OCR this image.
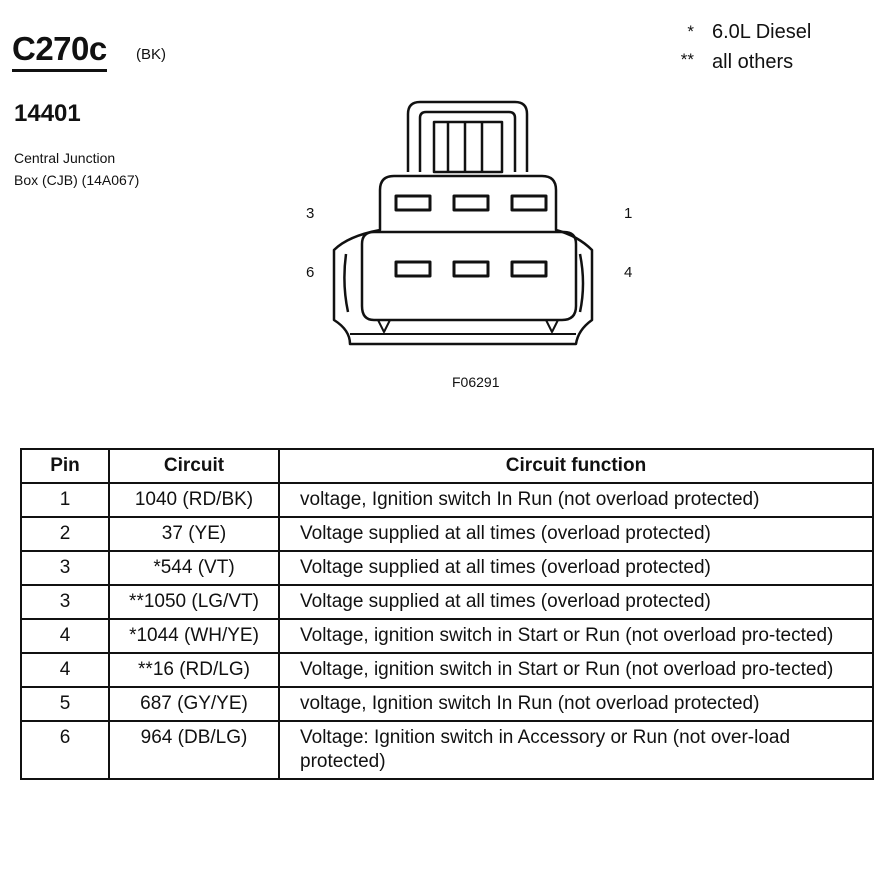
C270c (BK)
14401
Central Junction
Box (CJB) (14A067)
* 6.0L Diesel
** all others
3	1
6	4
F06291
Pin	Circuit	Circuit function
1	1040 (RD/BK)	voltage, Ignition switch In Run (not overload protected)
2	37 (YE)	Voltage supplied at all times (overload protected)
3	*544 (VT)	Voltage supplied at all times (overload protected)
3	**1050 (LG/VT)	Voltage supplied at all times (overload protected)
4	*1044 (WH/YE)	Voltage, ignition switch in Start or Run (not overload pro-tected)
4	**16 (RD/LG)	Voltage, ignition switch in Start or Run (not overload pro-tected)
5	687 (GY/YE)	voltage, Ignition switch In Run (not overload protected)
6	964 (DB/LG)	Voltage: Ignition switch in Accessory or Run (not over-load protected)
